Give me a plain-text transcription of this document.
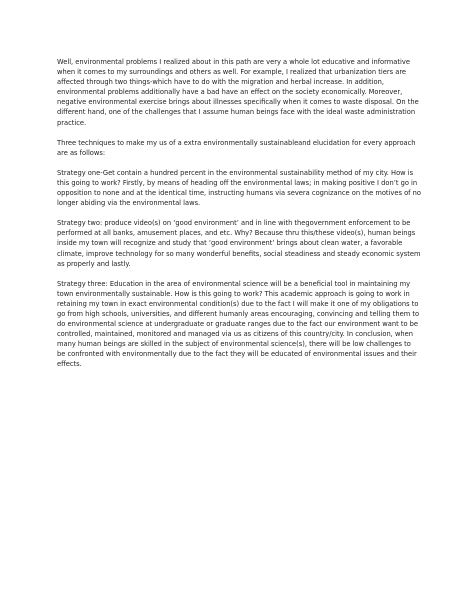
Well, environmental problems I realized about in this path are very a whole lot educative and informative when it comes to my surroundings and others as well. For example, I realized that urbanization tiers are affected through two things-which have to do with the migration and herbal increase. In addition, environmental problems additionally have a bad have an effect on the society economically. Moreover, negative environmental exercise brings about illnesses specifically when it comes to waste disposal. On the different hand, one of the challenges that I assume human beings face with the ideal waste administration practice.

Three techniques to make my us of a extra environmentally sustainableand elucidation for every approach are as follows:

Strategy one-Get contain a hundred percent in the environmental sustainability method of my city. How is this going to work? Firstly, by means of heading off the environmental laws; in making positive I don’t go in opposition to none and at the identical time, instructing humans via severa cognizance on the motives of no longer abiding via the environmental laws.

Strategy two: produce video(s) on ‘good environment’ and in line with thegovernment enforcement to be performed at all banks, amusement places, and etc. Why? Because thru this/these video(s), human beings inside my town will recognize and study that ‘good environment’ brings about clean water, a favorable climate, improve technology for so many wonderful benefits, social steadiness and steady economic system as properly and lastly.

Strategy three: Education in the area of environmental science will be a beneficial tool in maintaining my town environmentally sustainable. How is this going to work? This academic approach is going to work in retaining my town in exact environmental condition(s) due to the fact I will make it one of my obligations to go from high schools, universities, and different humanly areas encouraging, convincing and telling them to do environmental science at undergraduate or graduate ranges due to the fact our environment want to be controlled, maintained, monitored and managed via us as citizens of this country/city. In conclusion, when many human beings are skilled in the subject of environmental science(s), there will be low challenges to be confronted with environmentally due to the fact they will be educated of environmental issues and their effects.
